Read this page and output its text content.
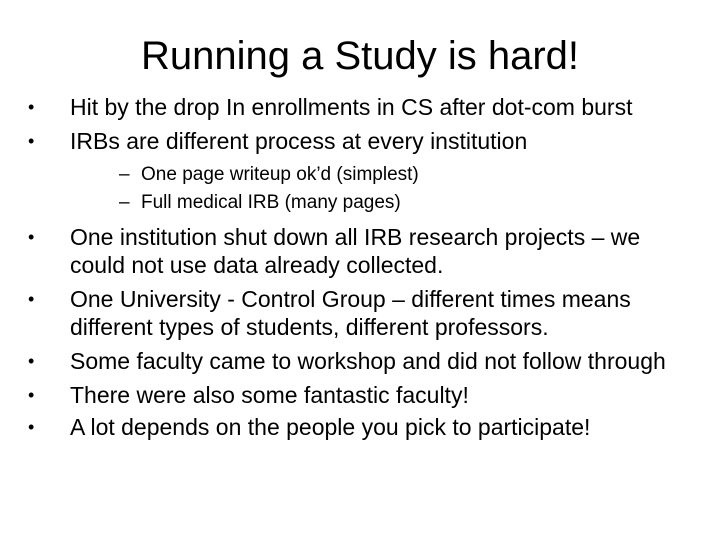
Running a Study is hard!
•	Hit by the drop In enrollments in CS after dot-com burst
•	IRBs are different process at every institution
– One page writeup ok’d (simplest)
– Full medical IRB (many pages)
•	One institution shut down all IRB research projects – we could not use data already collected.
•	One University - Control Group – different times means different types of students, different professors.
•	Some faculty came to workshop and did not follow through
•	There were also some fantastic faculty!
•	A lot depends on the people you pick to participate!
